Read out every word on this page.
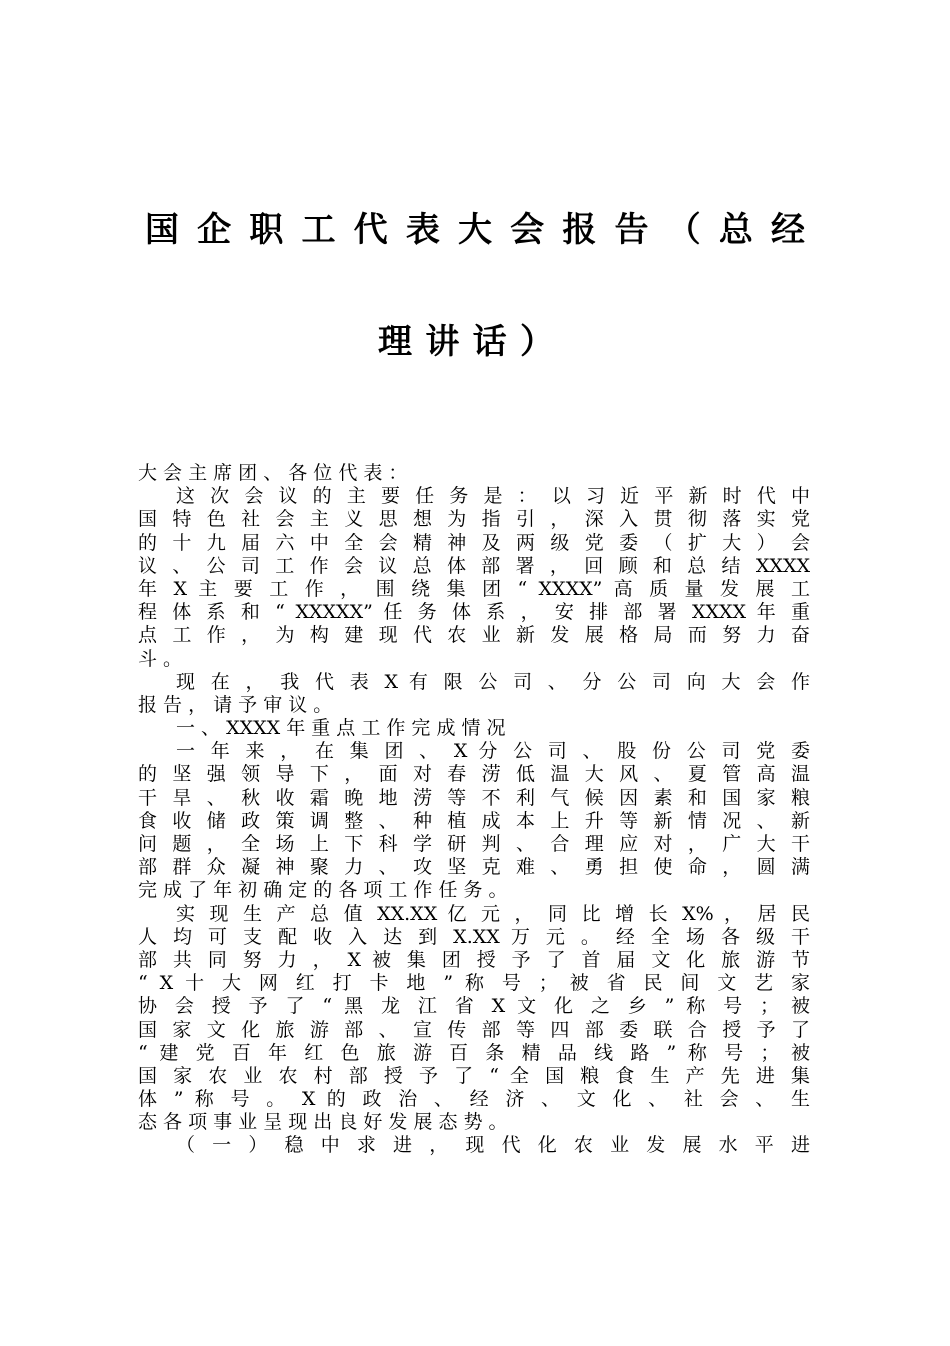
国 企 职 工 代 表 大 会 报 告 （ 总 经
理 讲 话 ）
大 会 主 席 团 、 各 位 代 表 ：
这 次 会 议 的 主 要 任 务 是 ： 以 习 近 平 新 时 代 中
国 特 色 社 会 主 义 思 想 为 指 引 ， 深 入 贯 彻 落 实 党
的 十 九 届 六 中 全 会 精 神 及 两 级 党 委 （ 扩 大 ） 会
议 、 公 司 工 作 会 议 总 体 部 署 ， 回 顾 和 总 结 XXXX
年 X 主 要 工 作 ， 围 绕 集 团 “ XXXX” 高 质 量 发 展 工
程 体 系 和 “ XXXXX” 任 务 体 系 ， 安 排 部 署 XXXX 年 重
点 工 作 ， 为 构 建 现 代 农 业 新 发 展 格 局 而 努 力 奋
斗 。
现 在 ， 我 代 表 X 有 限 公 司 、 分 公 司 向 大 会 作
报 告 ， 请 予 审 议 。
一 、 XXXX 年 重 点 工 作 完 成 情 况
一 年 来 ， 在 集 团 、 X 分 公 司 、 股 份 公 司 党 委
的 坚 强 领 导 下 ， 面 对 春 涝 低 温 大 风 、 夏 管 高 温
干 旱 、 秋 收 霜 晚 地 涝 等 不 利 气 候 因 素 和 国 家 粮
食 收 储 政 策 调 整 、 种 植 成 本 上 升 等 新 情 况 、 新
问 题 ， 全 场 上 下 科 学 研 判 、 合 理 应 对 ， 广 大 干
部 群 众 凝 神 聚 力 、 攻 坚 克 难 、 勇 担 使 命 ， 圆 满
完 成 了 年 初 确 定 的 各 项 工 作 任 务 。
实 现 生 产 总 值 XX.XX 亿 元 ， 同 比 增 长 X% ， 居 民
人 均 可 支 配 收 入 达 到 X.XX 万 元 。 经 全 场 各 级 干
部 共 同 努 力 ， X 被 集 团 授 予 了 首 届 文 化 旅 游 节
“ X 十 大 网 红 打 卡 地 ” 称 号 ； 被 省 民 间 文 艺 家
协 会 授 予 了 “ 黑 龙 江 省 X 文 化 之 乡 ” 称 号 ； 被
国 家 文 化 旅 游 部 、 宣 传 部 等 四 部 委 联 合 授 予 了
“ 建 党 百 年 红 色 旅 游 百 条 精 品 线 路 ” 称 号 ； 被
国 家 农 业 农 村 部 授 予 了 “ 全 国 粮 食 生 产 先 进 集
体 ” 称 号 。 X 的 政 治 、 经 济 、 文 化 、 社 会 、 生
态 各 项 事 业 呈 现 出 良 好 发 展 态 势 。
（ 一 ） 稳 中 求 进 ， 现 代 化 农 业 发 展 水 平 进
